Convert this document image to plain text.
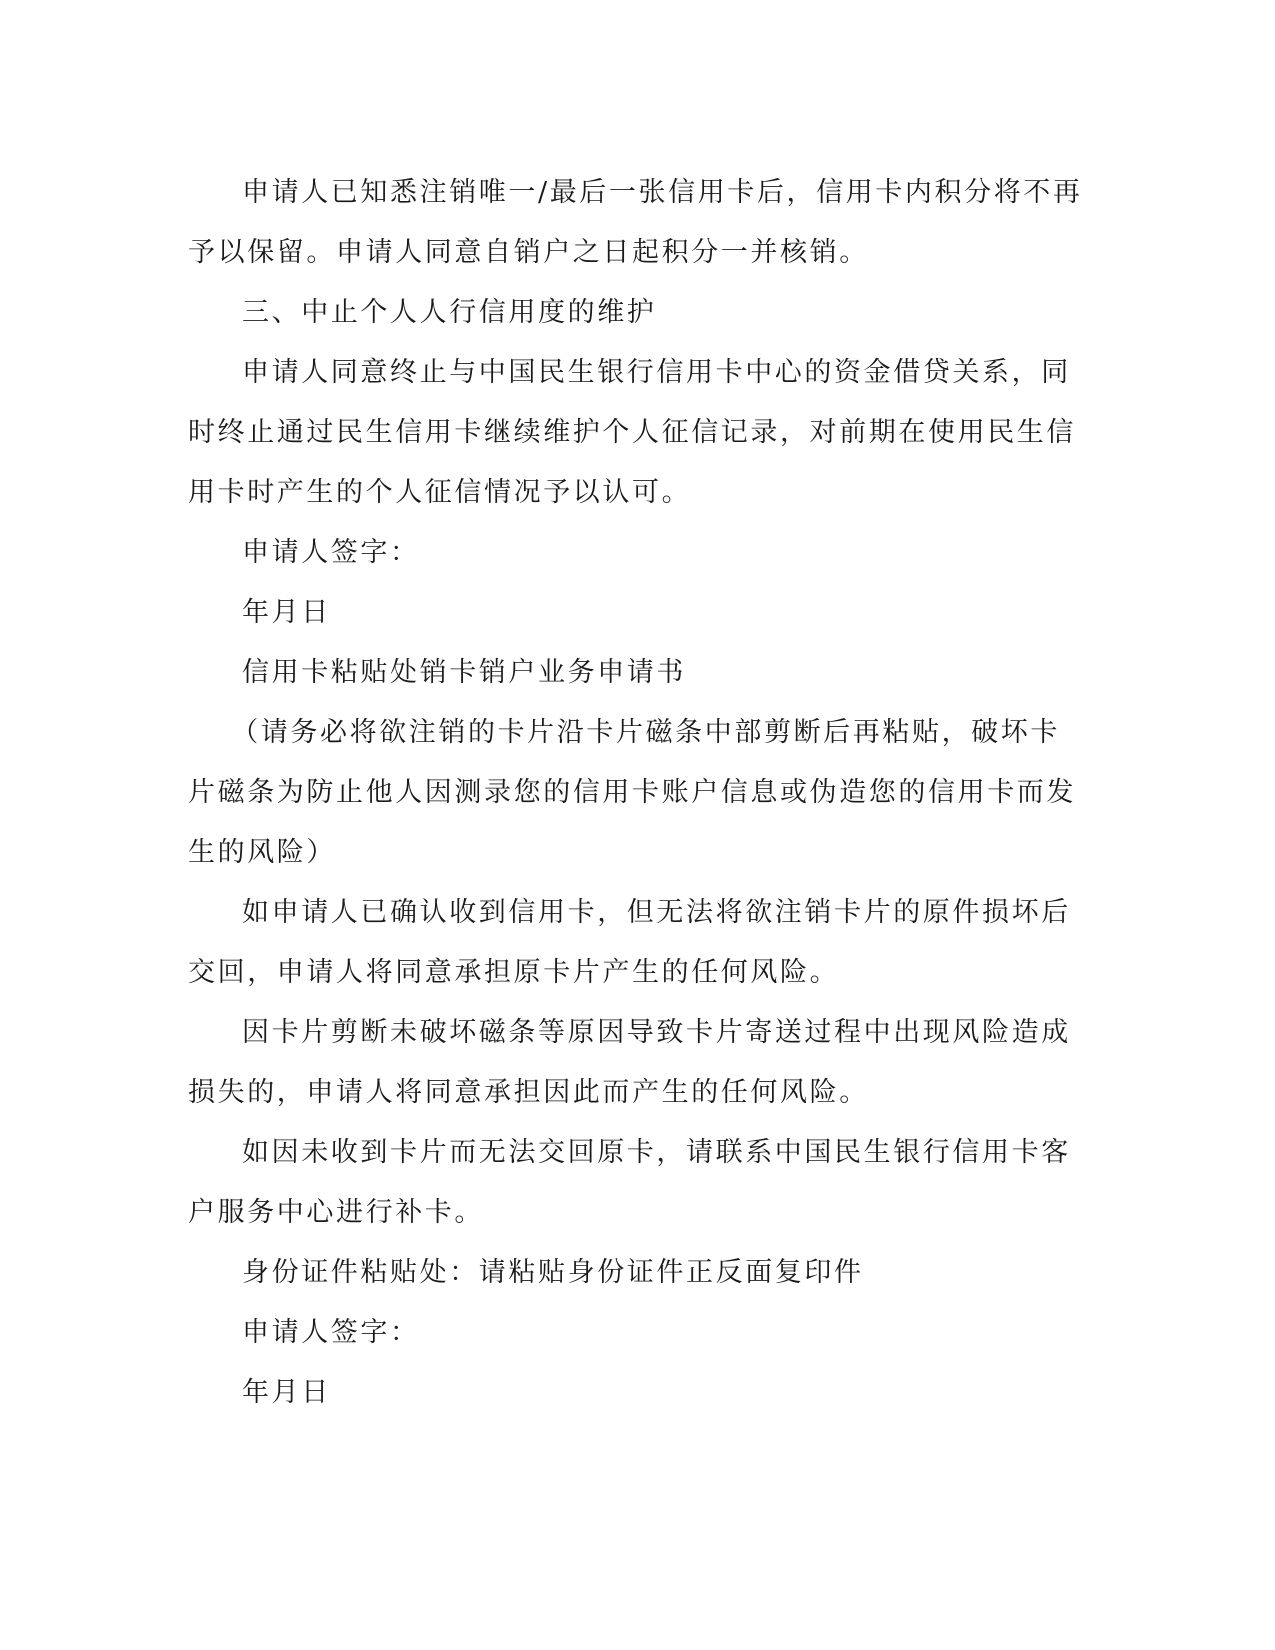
申请人已知悉注销唯一/最后一张信用卡后，信用卡内积分将不再予以保留。申请人同意自销户之日起积分一并核销。

三、中止个人人行信用度的维护

申请人同意终止与中国民生银行信用卡中心的资金借贷关系，同时终止通过民生信用卡继续维护个人征信记录，对前期在使用民生信用卡时产生的个人征信情况予以认可。

申请人签字：

年月日

信用卡粘贴处销卡销户业务申请书

（请务必将欲注销的卡片沿卡片磁条中部剪断后再粘贴，破坏卡片磁条为防止他人因测录您的信用卡账户信息或伪造您的信用卡而发生的风险）

如申请人已确认收到信用卡，但无法将欲注销卡片的原件损坏后交回，申请人将同意承担原卡片产生的任何风险。

因卡片剪断未破坏磁条等原因导致卡片寄送过程中出现风险造成损失的，申请人将同意承担因此而产生的任何风险。

如因未收到卡片而无法交回原卡，请联系中国民生银行信用卡客户服务中心进行补卡。

身份证件粘贴处：请粘贴身份证件正反面复印件

申请人签字：

年月日
